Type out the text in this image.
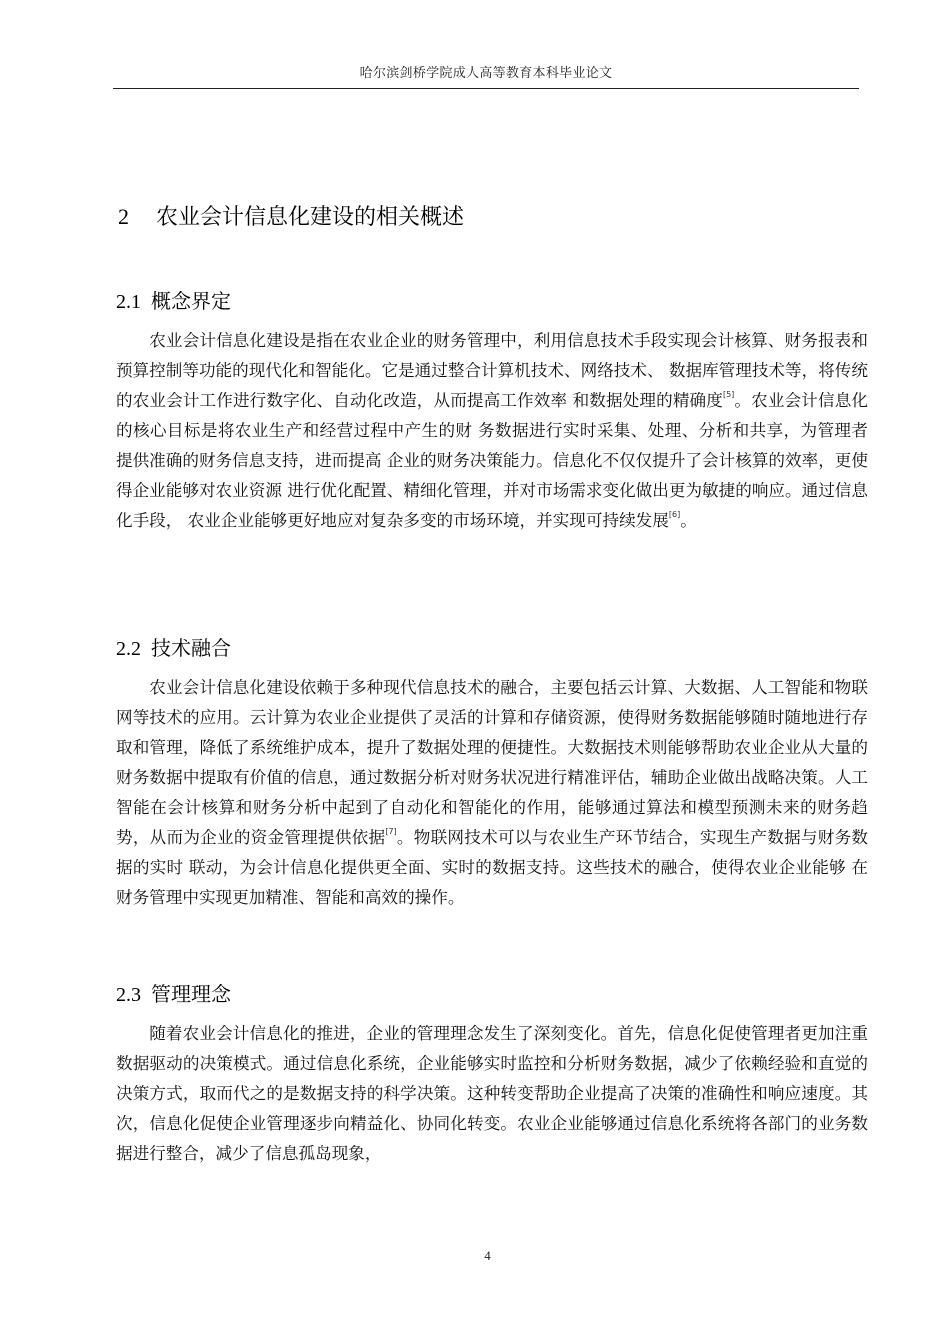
哈尔滨剑桥学院成人高等教育本科毕业论文
2 农业会计信息化建设的相关概述
2.1 概念界定

农业会计信息化建设是指在农业企业的财务管理中，利用信息技术手段实现会计核算、财务报表和预算控制等功能的现代化和智能化。它是通过整合计算机技术、网络技术、 数据库管理技术等，将传统的农业会计工作进行数字化、自动化改造，从而提高工作效率 和数据处理的精确度[5]。农业会计信息化的核心目标是将农业生产和经营过程中产生的财 务数据进行实时采集、处理、分析和共享，为管理者 提供准确的财务信息支持，进而提高 企业的财务决策能力。信息化不仅仅提升了会计核算的效率，更使得企业能够对农业资源 进行优化配置、精细化管理，并对市场需求变化做出更为敏捷的响应。通过信息化手段， 农业企业能够更好地应对复杂多变的市场环境，并实现可持续发展[6]。

2.2 技术融合

农业会计信息化建设依赖于多种现代信息技术的融合，主要包括云计算、大数据、人工智能和物联网等技术的应用。云计算为农业企业提供了灵活的计算和存储资源，使得财务数据能够随时随地进行存取和管理，降低了系统维护成本，提升了数据处理的便捷性。大数据技术则能够帮助农业企业从大量的财务数据中提取有价值的信息，通过数据分析对财务状况进行精准评估，辅助企业做出战略决策。人工智能在会计核算和财务分析中起到了自动化和智能化的作用，能够通过算法和模型预测未来的财务趋势，从而为企业的资金管理提供依据[7]。物联网技术可以与农业生产环节结合，实现生产数据与财务数据的实时 联动，为会计信息化提供更全面、实时的数据支持。这些技术的融合，使得农业企业能够 在财务管理中实现更加精准、智能和高效的操作。

2.3 管理理念

随着农业会计信息化的推进，企业的管理理念发生了深刻变化。首先，信息化促使管理者更加注重数据驱动的决策模式。通过信息化系统，企业能够实时监控和分析财务数据，减少了依赖经验和直觉的决策方式，取而代之的是数据支持的科学决策。这种转变帮助企业提高了决策的准确性和响应速度。其次，信息化促使企业管理逐步向精益化、协同化转变。农业企业能够通过信息化系统将各部门的业务数据进行整合，减少了信息孤岛现象，

4
